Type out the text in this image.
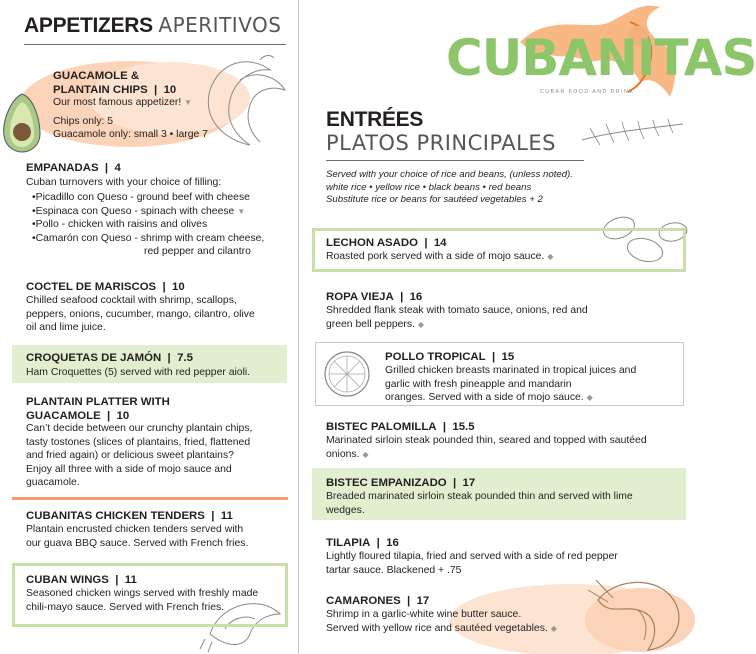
APPETIZERS APERITIVOS
GUACAMOLE &
PLANTAIN CHIPS  |  10
Our most famous appetizer! ▼
Chips only: 5
Guacamole only: small 3 • large 7
EMPANADAS  |  4
Cuban turnovers with your choice of filling:
•Picadillo con Queso - ground beef with cheese
•Espinaca con Queso - spinach with cheese ▼
•Pollo - chicken with raisins and olives
•Camarón con Queso - shrimp with cream cheese,
red pepper and cilantro
COCTEL DE MARISCOS  |  10
Chilled seafood cocktail with shrimp, scallops,
peppers, onions, cucumber, mango, cilantro, olive
oil and lime juice.
CROQUETAS DE JAMÓN  |  7.5
Ham Croquettes (5) served with red pepper aioli.
PLANTAIN PLATTER WITH
GUACAMOLE  |  10
Can’t decide between our crunchy plantain chips,
tasty tostones (slices of plantains, fried, flattened
and fried again) or delicious sweet plantains?
Enjoy all three with a side of mojo sauce and
guacamole.
CUBANITAS CHICKEN TENDERS  |  11
Plantain encrusted chicken tenders served with
our guava BBQ sauce. Served with French fries.
CUBAN WINGS  |  11
Seasoned chicken wings served with freshly made
chili-mayo sauce. Served with French fries.
CUBANITAS
CUBAN FOOD AND DRINK
ENTRÉES
PLATOS PRINCIPALES
Served with your choice of rice and beans, (unless noted).
white rice • yellow rice • black beans • red beans
Substitute rice or beans for sautéed vegetables + 2
LECHON ASADO  |  14
Roasted pork served with a side of mojo sauce. ◆
ROPA VIEJA  |  16
Shredded flank steak with tomato sauce, onions, red and
green bell peppers. ◆
POLLO TROPICAL  |  15
Grilled chicken breasts marinated in tropical juices and
garlic with fresh pineapple and mandarin
oranges. Served with a side of mojo sauce. ◆
BISTEC PALOMILLA  |  15.5
Marinated sirloin steak pounded thin, seared and topped with sautéed
onions. ◆
BISTEC EMPANIZADO  |  17
Breaded marinated sirloin steak pounded thin and served with lime
wedges.
TILAPIA  |  16
Lightly floured tilapia, fried and served with a side of red pepper
tartar sauce. Blackened + .75
CAMARONES  |  17
Shrimp in a garlic-white wine butter sauce.
Served with yellow rice and sautéed vegetables. ◆
